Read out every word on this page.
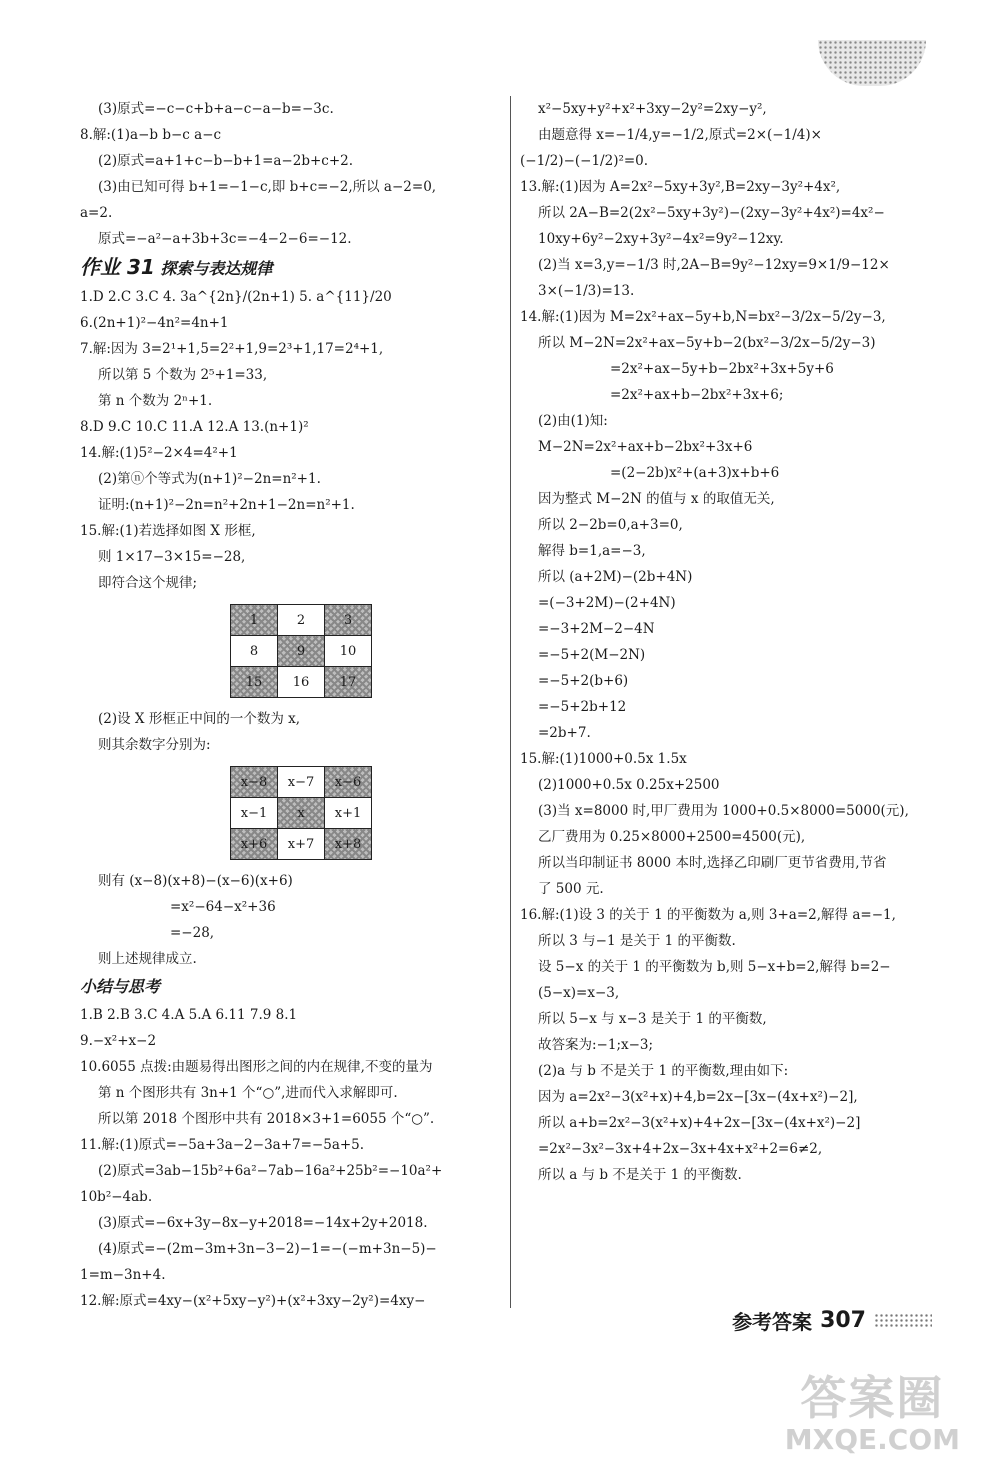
(3)原式=−c−c+b+a−c−a−b=−3c.
8.解:(1)a−b b−c a−c
(2)原式=a+1+c−b−b+1=a−2b+c+2.
(3)由已知可得 b+1=−1−c,即 b+c=−2,所以 a−2=0,
a=2.
原式=−a²−a+3b+3c=−4−2−6=−12.
作业 31 探索与表达规律
1.D 2.C 3.C 4. 3a^{2n}/(2n+1) 5. a^{11}/20
6.(2n+1)²−4n²=4n+1
7.解:因为 3=2¹+1,5=2²+1,9=2³+1,17=2⁴+1,
所以第 5 个数为 2⁵+1=33,
第 n 个数为 2ⁿ+1.
8.D 9.C 10.C 11.A 12.A 13.(n+1)²
14.解:(1)5²−2×4=4²+1
(2)第ⓝ个等式为(n+1)²−2n=n²+1.
证明:(n+1)²−2n=n²+2n+1−2n=n²+1.
15.解:(1)若选择如图 X 形框,
则 1×17−3×15=−28,
即符合这个规律;
1	2	3
8	9	10
15	16	17
(2)设 X 形框正中间的一个数为 x,
则其余数字分别为:
x−8	x−7	x−6
x−1	x	x+1
x+6	x+7	x+8
则有 (x−8)(x+8)−(x−6)(x+6)
=x²−64−x²+36
=−28,
则上述规律成立.
小结与思考
1.B 2.B 3.C 4.A 5.A 6.11 7.9 8.1
9.−x²+x−2
10.6055 点拨:由题易得出图形之间的内在规律,不变的量为
第 n 个图形共有 3n+1 个“○”,进而代入求解即可.
所以第 2018 个图形中共有 2018×3+1=6055 个“○”.
11.解:(1)原式=−5a+3a−2−3a+7=−5a+5.
(2)原式=3ab−15b²+6a²−7ab−16a²+25b²=−10a²+
10b²−4ab.
(3)原式=−6x+3y−8x−y+2018=−14x+2y+2018.
(4)原式=−(2m−3m+3n−3−2)−1=−(−m+3n−5)−
1=m−3n+4.
12.解:原式=4xy−(x²+5xy−y²)+(x²+3xy−2y²)=4xy−
x²−5xy+y²+x²+3xy−2y²=2xy−y²,
由题意得 x=−1/4,y=−1/2,原式=2×(−1/4)×
(−1/2)−(−1/2)²=0.
13.解:(1)因为 A=2x²−5xy+3y²,B=2xy−3y²+4x²,
所以 2A−B=2(2x²−5xy+3y²)−(2xy−3y²+4x²)=4x²−
10xy+6y²−2xy+3y²−4x²=9y²−12xy.
(2)当 x=3,y=−1/3 时,2A−B=9y²−12xy=9×1/9−12×
3×(−1/3)=13.
14.解:(1)因为 M=2x²+ax−5y+b,N=bx²−3/2x−5/2y−3,
所以 M−2N=2x²+ax−5y+b−2(bx²−3/2x−5/2y−3)
=2x²+ax−5y+b−2bx²+3x+5y+6
=2x²+ax+b−2bx²+3x+6;
(2)由(1)知:
M−2N=2x²+ax+b−2bx²+3x+6
=(2−2b)x²+(a+3)x+b+6
因为整式 M−2N 的值与 x 的取值无关,
所以 2−2b=0,a+3=0,
解得 b=1,a=−3,
所以 (a+2M)−(2b+4N)
=(−3+2M)−(2+4N)
=−3+2M−2−4N
=−5+2(M−2N)
=−5+2(b+6)
=−5+2b+12
=2b+7.
15.解:(1)1000+0.5x 1.5x
(2)1000+0.5x 0.25x+2500
(3)当 x=8000 时,甲厂费用为 1000+0.5×8000=5000(元),
乙厂费用为 0.25×8000+2500=4500(元),
所以当印制证书 8000 本时,选择乙印刷厂更节省费用,节省
了 500 元.
16.解:(1)设 3 的关于 1 的平衡数为 a,则 3+a=2,解得 a=−1,
所以 3 与−1 是关于 1 的平衡数.
设 5−x 的关于 1 的平衡数为 b,则 5−x+b=2,解得 b=2−
(5−x)=x−3,
所以 5−x 与 x−3 是关于 1 的平衡数,
故答案为:−1;x−3;
(2)a 与 b 不是关于 1 的平衡数,理由如下:
因为 a=2x²−3(x²+x)+4,b=2x−[3x−(4x+x²)−2],
所以 a+b=2x²−3(x²+x)+4+2x−[3x−(4x+x²)−2]
=2x²−3x²−3x+4+2x−3x+4x+x²+2=6≠2,
所以 a 与 b 不是关于 1 的平衡数.
参考答案 307
答案圈
MXQE.COM
